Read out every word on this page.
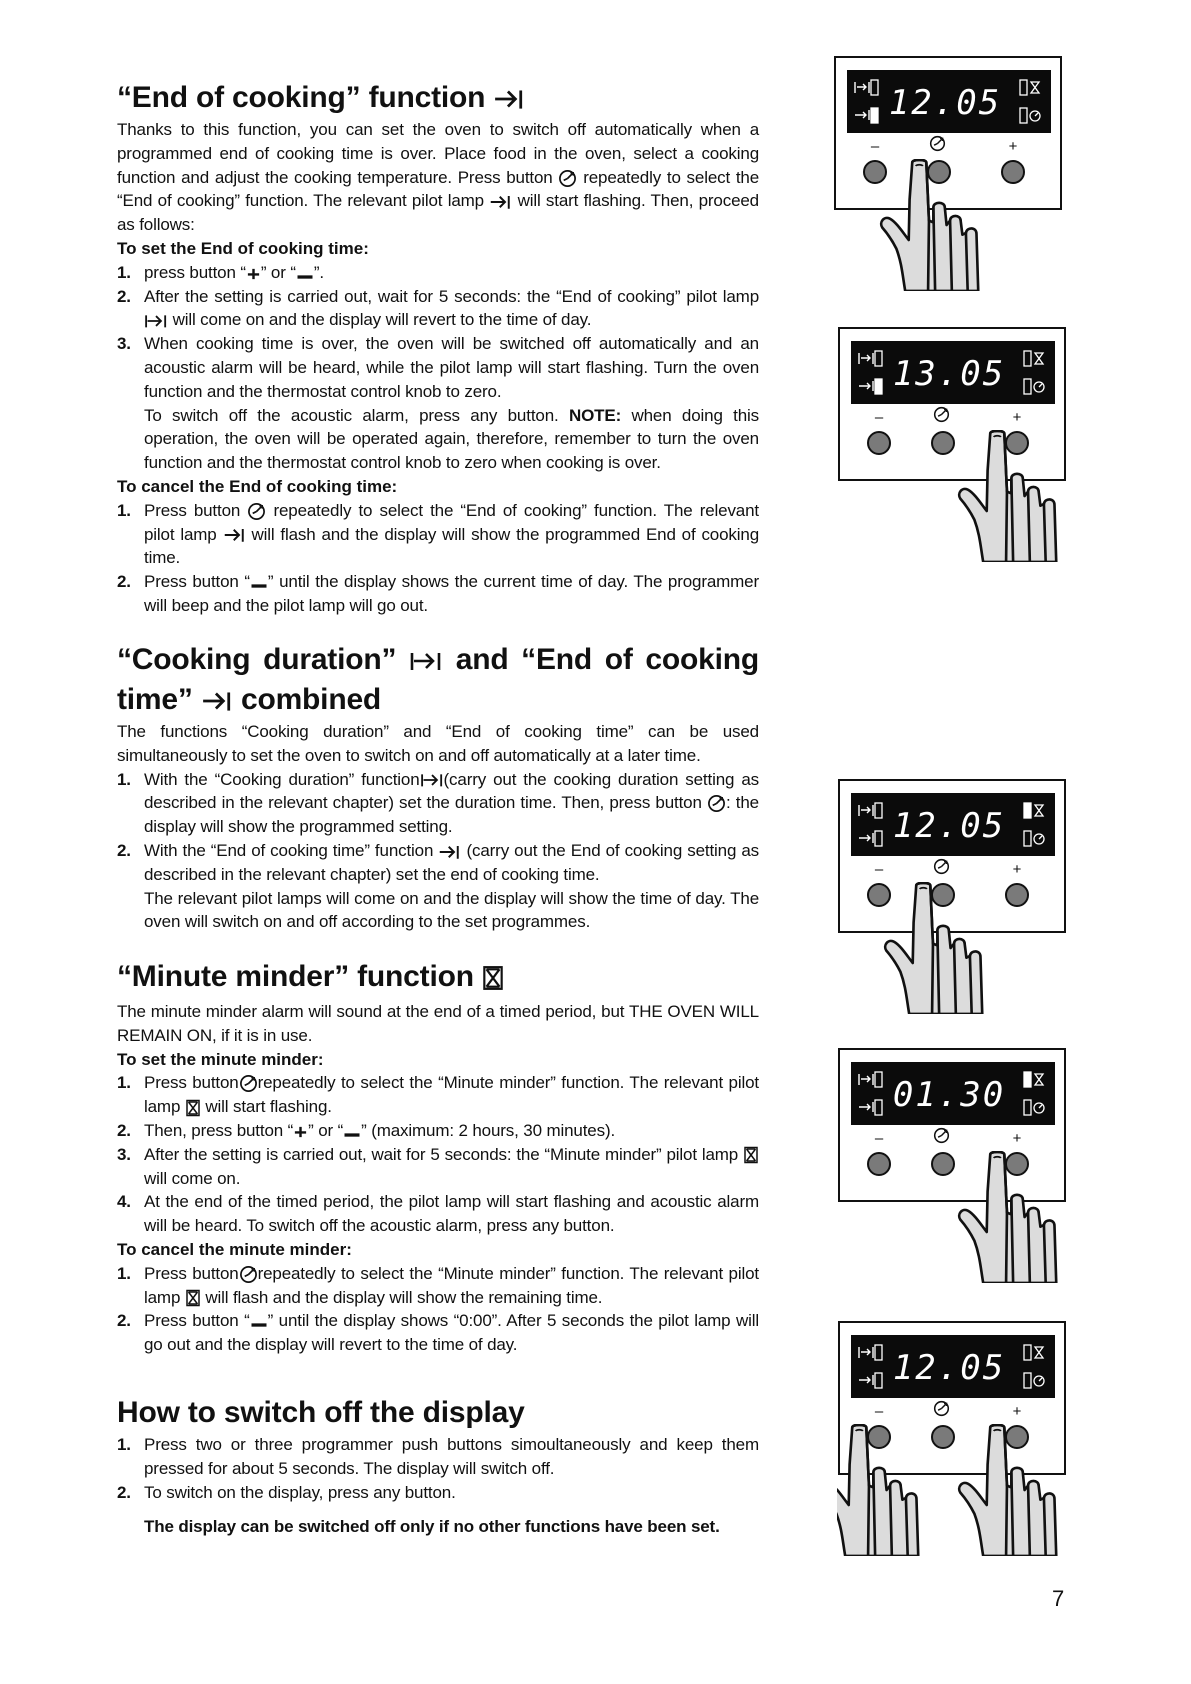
“End of cooking” function

Thanks to this function, you can set the oven to switch off automatically when a programmed end of cooking time is over. Place food in the oven, select a cooking function and adjust the cooking temperature. Press button repeatedly to select the “End of cooking” function. The relevant pilot lamp will start flashing. Then, proceed as follows:

To set the End of cooking time:

1. press button “ ” or “ ”.
2. After the setting is carried out, wait for 5 seconds: the “End of cooking” pilot lamp  will come on and the display will revert to the time of day.
3. When cooking time is over, the oven will be switched off automatically and an acoustic alarm will be heard, while the pilot lamp will start flashing. Turn the oven function and the thermostat control knob to zero.
To switch off the acoustic alarm, press any button. NOTE: when doing this operation, the oven will be operated again, therefore, remember to turn the oven function and the thermostat control knob to zero when cooking is over.

To cancel the End of cooking time:

1. Press button repeatedly to select the “End of cooking” function. The relevant pilot lamp will flash and the display will show the programmed End of cooking time.
2. Press button “ ” until the display shows the current time of day. The programmer will beep and the pilot lamp will go out.
“Cooking duration” and “End of cooking time” combined

The functions “Cooking duration” and “End of cooking time” can be used simultaneously to set the oven to switch on and off automatically at a later time.

1. With the “Cooking duration” function (carry out the cooking duration setting as described in the relevant chapter) set the duration time. Then, press button : the display will show the programmed setting.
2. With the “End of cooking time” function (carry out the End of cooking setting as described in the relevant chapter) set the end of cooking time.
The relevant pilot lamps will come on and the display will show the time of day. The oven will switch on and off according to the set programmes.
“Minute minder” function

The minute minder alarm will sound at the end of a timed period, but THE OVEN WILL REMAIN ON, if it is in use.

To set the minute minder:

1. Press button repeatedly to select the “Minute minder” function. The relevant pilot lamp will start flashing.
2. Then, press button “ ” or “ ” (maximum: 2 hours, 30 minutes).
3. After the setting is carried out, wait for 5 seconds: the “Minute minder” pilot lamp  will come on.
4. At the end of the timed period, the pilot lamp will start flashing and acoustic alarm will be heard. To switch off the acoustic alarm, press any button.

To cancel the minute minder:

1. Press button repeatedly to select the “Minute minder” function. The relevant pilot lamp will flash and the display will show the remaining time.
2. Press button “ ” until the display shows “0:00”. After 5 seconds the pilot lamp will go out and the display will revert to the time of day.
How to switch off the display
1. Press two or three programmer push buttons simoultaneously and keep them pressed for about 5 seconds. The display will switch off.
2. To switch on the display, press any button.
The display can be switched off only if no other functions have been set.
7
12.05
–	+
13.05
–	+
12.05
–	+
01.30
–	+
12.05
–	+
